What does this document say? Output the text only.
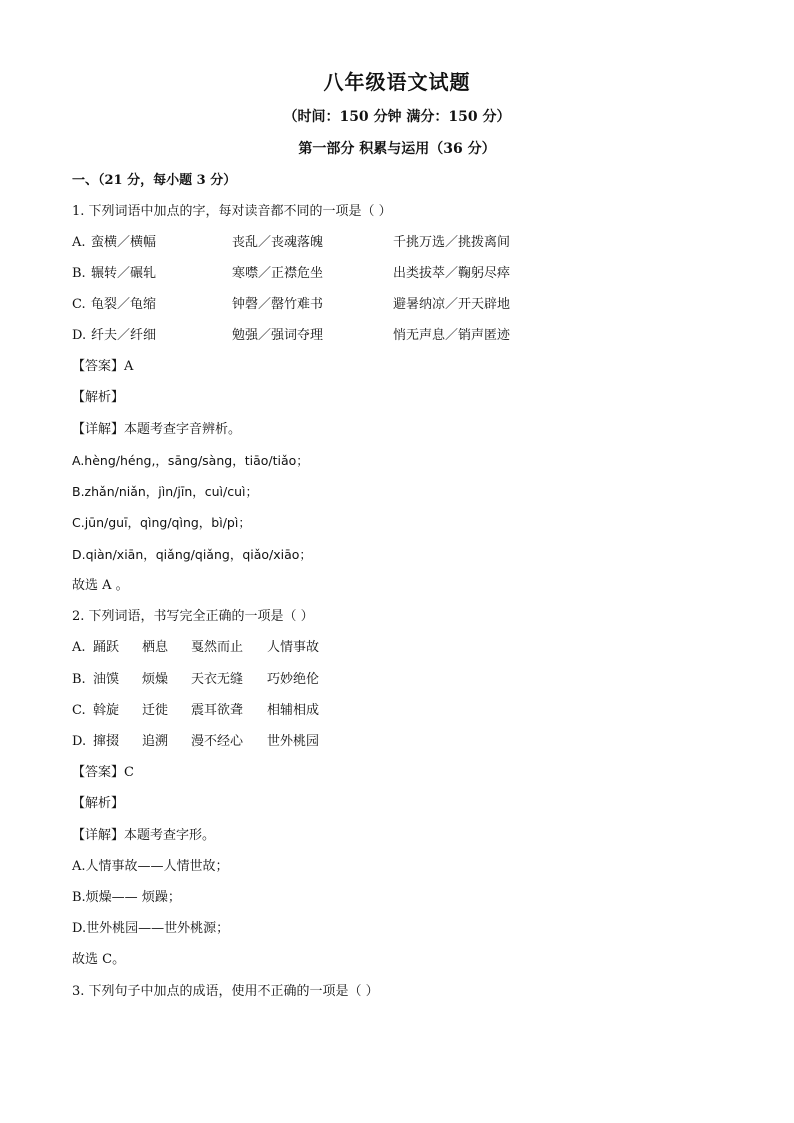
八年级语文试题
（时间：150 分钟 满分：150 分）
第一部分 积累与运用（36 分）
一、（21 分，每小题 3 分）
1. 下列词语中加点的字，每对读音都不同的一项是（ ）
A. 蛮横／横幅	丧乱／丧魂落魄	千挑万选／挑拨离间
B. 辗转／碾轧	寒噤／正襟危坐	出类拔萃／鞠躬尽瘁
C. 龟裂／龟缩	钟磬／罄竹难书	避暑纳凉／开天辟地
D. 纤夫／纤细	勉强／强词夺理	悄无声息／销声匿迹
【答案】A
【解析】
【详解】本题考查字音辨析。
A.hèng/héng,，sāng/sàng，tiāo/tiǎo；
B.zhǎn/niǎn，jìn/jīn，cuì/cuì；
C.jūn/guī，qìng/qìng，bì/pì；
D.qiàn/xiān，qiǎng/qiǎng，qiǎo/xiāo；
故选 A 。
2. 下列词语，书写完全正确的一项是（ ）
A. 踊跃 栖息 戛然而止 人情事故
B. 油馍 烦燥 天衣无缝 巧妙绝伦
C. 斡旋 迁徙 震耳欲聋 相辅相成
D. 撺掇 追溯 漫不经心 世外桃园
【答案】C
【解析】
【详解】本题考查字形。
A.人情事故——人情世故；
B.烦燥—— 烦躁；
D.世外桃园——世外桃源；
故选 C。
3. 下列句子中加点的成语，使用不正确的一项是（ ）
